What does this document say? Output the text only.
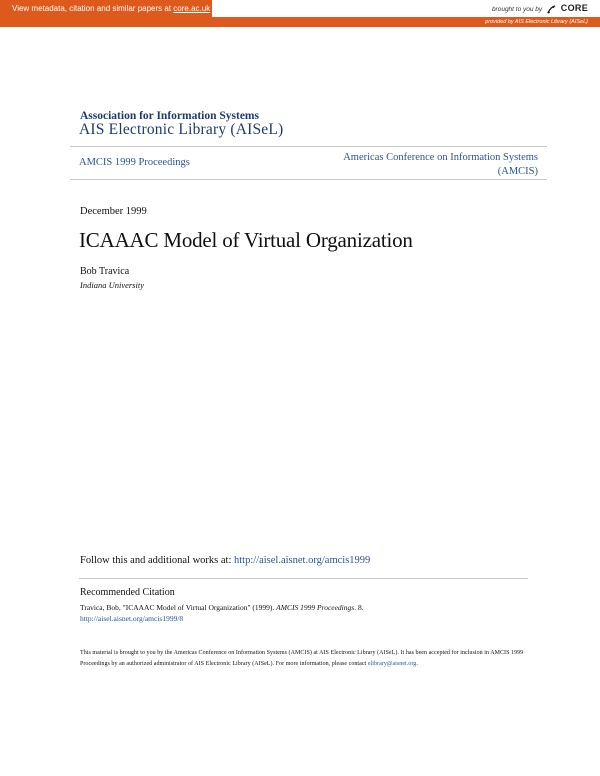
View metadata, citation and similar papers at core.ac.uk	brought to you by CORE
provided by AIS Electronic Library (AISeL)
Association for Information Systems
AIS Electronic Library (AISeL)
AMCIS 1999 Proceedings	Americas Conference on Information Systems
(AMCIS)
December 1999
ICAAAC Model of Virtual Organization
Bob Travica
Indiana University
Follow this and additional works at: http://aisel.aisnet.org/amcis1999
Recommended Citation
Travica, Bob, "ICAAAC Model of Virtual Organization" (1999). AMCIS 1999 Proceedings. 8.
http://aisel.aisnet.org/amcis1999/8
This material is brought to you by the Americas Conference on Information Systems (AMCIS) at AIS Electronic Library (AISeL). It has been accepted for inclusion in AMCIS 1999 Proceedings by an authorized administrator of AIS Electronic Library (AISeL). For more information, please contact elibrary@aisnet.org.
